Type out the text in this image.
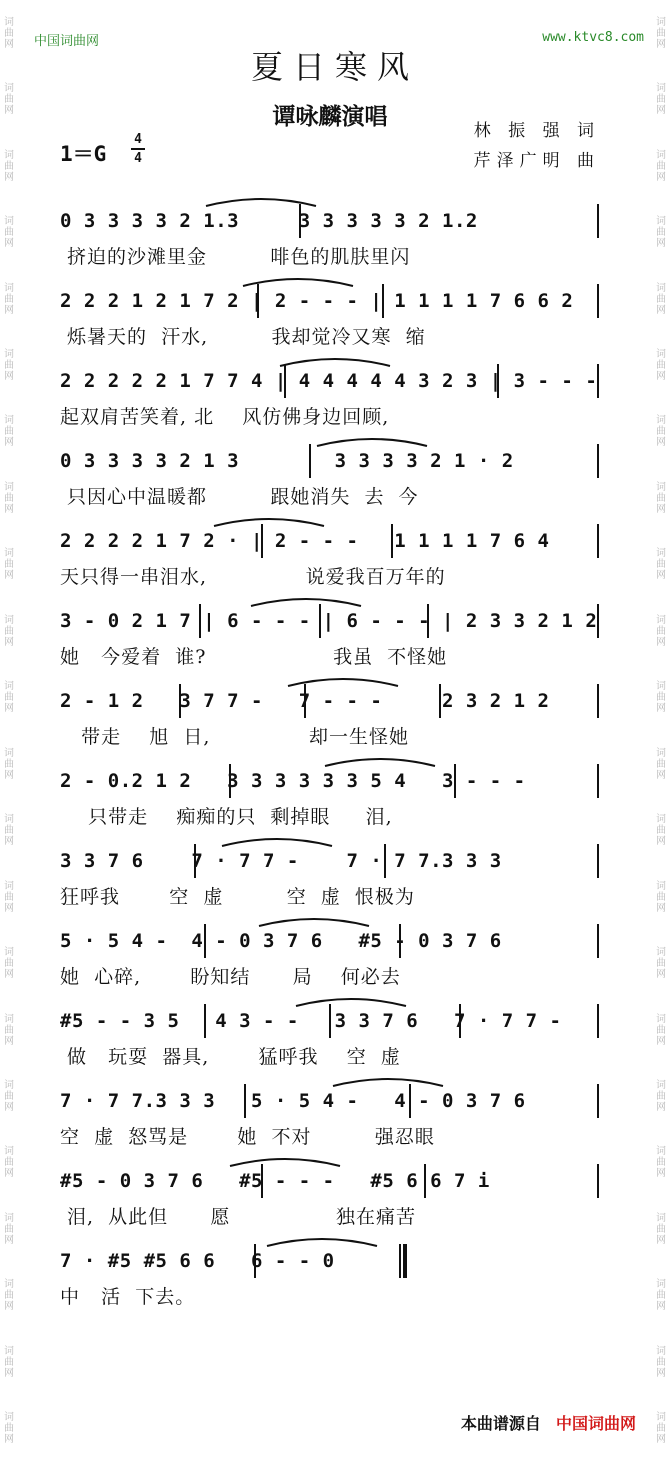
词
曲
网
词
曲
网
词
曲
网
词
曲
网
词
曲
网
词
曲
网
词
曲
网
词
曲
网
词
曲
网
词
曲
网
词
曲
网
词
曲
网
词
曲
网
词
曲
网
词
曲
网
词
曲
网
词
曲
网
词
曲
网
词
曲
网
词
曲
网
词
曲
网
词
曲
网
词
曲
网
词
曲
网
词
曲
网
词
曲
网
词
曲
网
词
曲
网
词
曲
网
词
曲
网
词
曲
网
词
曲
网
词
曲
网
词
曲
网
词
曲
网
词
曲
网
词
曲
网
词
曲
网
词
曲
网
词
曲
网
词
曲
网
词
曲
网
词
曲
网
词
曲
网
中国词曲网	www.ktvc8.com
夏日寒风
谭咏麟演唱
1＝G
4
4
林 振 强 词
芹泽广明 曲
0 3 3 3 3 2 1.3     3 3 3 3 3 2 1.2
挤迫的沙滩里金         啡色的肌肤里闪
2 2 2 1 2 1 7 2 | 2 - - - | 1 1 1 1 7 6 6 2
烁暑天的  汗水,         我却觉冷又寒  缩
2 2 2 2 2 1 7 7 4 | 4 4 4 4 4 3 2 3 | 3 - - -
起双肩苦笑着, 北    风仿佛身边回顾,
0 3 3 3 3 2 1 3        3 3 3 3 2 1 · 2
只因心中温暖都         跟她消失  去  今
2 2 2 2 1 7 2 · | 2 - - -   1 1 1 1 7 6 4
天只得一串泪水,              说爱我百万年的
3 - 0 2 1 7 | 6 - - - | 6 - - - | 2 3 3 2 1 2
她   今爱着  谁?                  我虽  不怪她
2 - 1 2   3 7 7 -   7 - - -     2 3 2 1 2
带走    旭  日,              却一生怪她
2 - 0.2 1 2   3 3 3 3 3 3 5 4   3 - - -
只带走    痴痴的只  剩掉眼     泪,
3 3 7 6    7 · 7 7 -    7 · 7 7.3 3 3
狂呼我       空  虚         空  虚  恨极为
5 · 5 4 -  4 - 0 3 7 6   #5 - 0 3 7 6
她  心碎,       盼知结      局    何必去
#5 - - 3 5   4 3 - -   3 3 7 6   7 · 7 7 -
做   玩耍  器具,       猛呼我    空  虚
7 · 7 7.3 3 3   5 · 5 4 -   4 - 0 3 7 6
空  虚  怒骂是       她  不对         强忍眼
#5 - 0 3 7 6   #5 - - -   #5 6 6 7 i
泪,  从此但      愿               独在痛苦
7 · #5 #5 6 6   6 - - 0
中   活  下去。
本曲谱源自 中国词曲网
